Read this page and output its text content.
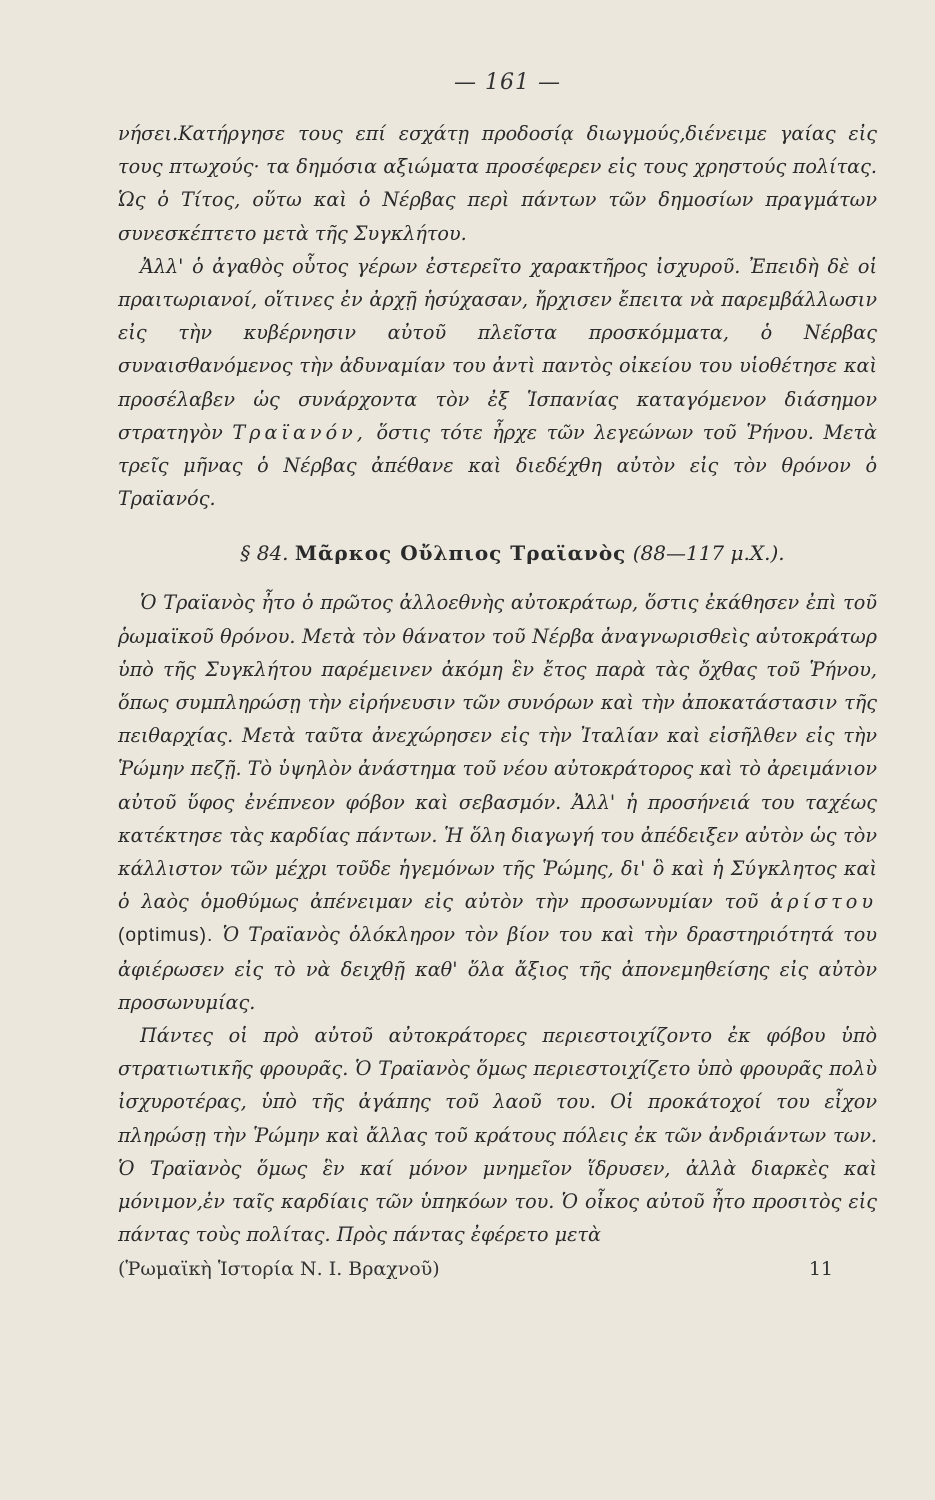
— 161 —

νήσει.Κατήργησε τους επί εσχάτῃ προδοσίᾳ διωγμούς,διένειμε γαίας εἰς τους πτωχούς· τα δημόσια αξιώματα προσέφερεν εἰς τους χρηστούς πολίτας. Ὡς ὁ Τίτος, οὕτω καὶ ὁ Νέρβας περὶ πάντων τῶν δημοσίων πραγμάτων συνεσκέπτετο μετὰ τῆς Συγκλήτου.

Ἀλλ' ὁ ἀγαθὸς οὗτος γέρων ἐστερεῖτο χαρακτῆρος ἰσχυροῦ. Ἐπειδὴ δὲ οἱ πραιτωριανοί, οἵτινες ἐν ἀρχῇ ἡσύχασαν, ἤρχισεν ἔπειτα νὰ παρεμβάλλωσιν εἰς τὴν κυβέρνησιν αὐτοῦ πλεῖστα προσκόμματα, ὁ Νέρβας συναισθανόμενος τὴν ἀδυναμίαν του ἀντὶ παντὸς οἰκείου του υἱοθέτησε καὶ προσέλαβεν ὡς συνάρχοντα τὸν ἐξ Ἱσπανίας καταγόμενον διάσημον στρατηγὸν Τραϊανόν, ὅστις τότε ἦρχε τῶν λεγεώνων τοῦ Ῥήνου. Μετὰ τρεῖς μῆνας ὁ Νέρβας ἀπέθανε καὶ διεδέχθη αὐτὸν εἰς τὸν θρόνον ὁ Τραϊανός.

§ 84. Μᾶρκος Οὔλπιος Τραϊανὸς (88—117 μ.Χ.).

Ὁ Τραϊανὸς ἦτο ὁ πρῶτος ἀλλοεθνὴς αὐτοκράτωρ, ὅστις ἐκάθησεν ἐπὶ τοῦ ῥωμαϊκοῦ θρόνου. Μετὰ τὸν θάνατον τοῦ Νέρβα ἀναγνωρισθεὶς αὐτοκράτωρ ὑπὸ τῆς Συγκλήτου παρέμεινεν ἀκόμη ἓν ἔτος παρὰ τὰς ὄχθας τοῦ Ῥήνου, ὅπως συμπληρώσῃ τὴν εἰρήνευσιν τῶν συνόρων καὶ τὴν ἀποκατάστασιν τῆς πειθαρχίας. Μετὰ ταῦτα ἀνεχώρησεν εἰς τὴν Ἰταλίαν καὶ εἰσῆλθεν εἰς τὴν Ῥώμην πεζῇ. Τὸ ὑψηλὸν ἀνάστημα τοῦ νέου αὐτοκράτορος καὶ τὸ ἀρειμάνιον αὐτοῦ ὕφος ἐνέπνεον φόβον καὶ σεβασμόν. Ἀλλ' ἡ προσήνειά του ταχέως κατέκτησε τὰς καρδίας πάντων. Ἡ ὅλη διαγωγή του ἀπέδειξεν αὐτὸν ὡς τὸν κάλλιστον τῶν μέχρι τοῦδε ἡγεμόνων τῆς Ῥώμης, δι' ὃ καὶ ἡ Σύγκλητος καὶ ὁ λαὸς ὁμοθύμως ἀπένειμαν εἰς αὐτὸν τὴν προσωνυμίαν τοῦ ἀρίστου (optimus). Ὁ Τραϊανὸς ὁλόκληρον τὸν βίον του καὶ τὴν δραστηριότητά του ἀφιέρωσεν εἰς τὸ νὰ δειχθῇ καθ' ὅλα ἄξιος τῆς ἀπονεμηθείσης εἰς αὐτὸν προσωνυμίας.

Πάντες οἱ πρὸ αὐτοῦ αὐτοκράτορες περιεστοιχίζοντο ἐκ φόβου ὑπὸ στρατιωτικῆς φρουρᾶς. Ὁ Τραϊανὸς ὅμως περιεστοιχίζετο ὑπὸ φρουρᾶς πολὺ ἰσχυροτέρας, ὑπὸ τῆς ἀγάπης τοῦ λαοῦ του. Οἱ προκάτοχοί του εἶχον πληρώσῃ τὴν Ῥώμην καὶ ἄλλας τοῦ κράτους πόλεις ἐκ τῶν ἀνδριάντων των. Ὁ Τραϊανὸς ὅμως ἓν καί μόνον μνημεῖον ἵδρυσεν, ἀλλὰ διαρκὲς καὶ μόνιμον,ἐν ταῖς καρδίαις τῶν ὑπηκόων του. Ὁ οἶκος αὐτοῦ ἦτο προσιτὸς εἰς πάντας τοὺς πολίτας. Πρὸς πάντας ἐφέρετο μετὰ

(Ῥωμαϊκὴ Ἱστορία Ν. Ι. Βραχνοῦ)	11
